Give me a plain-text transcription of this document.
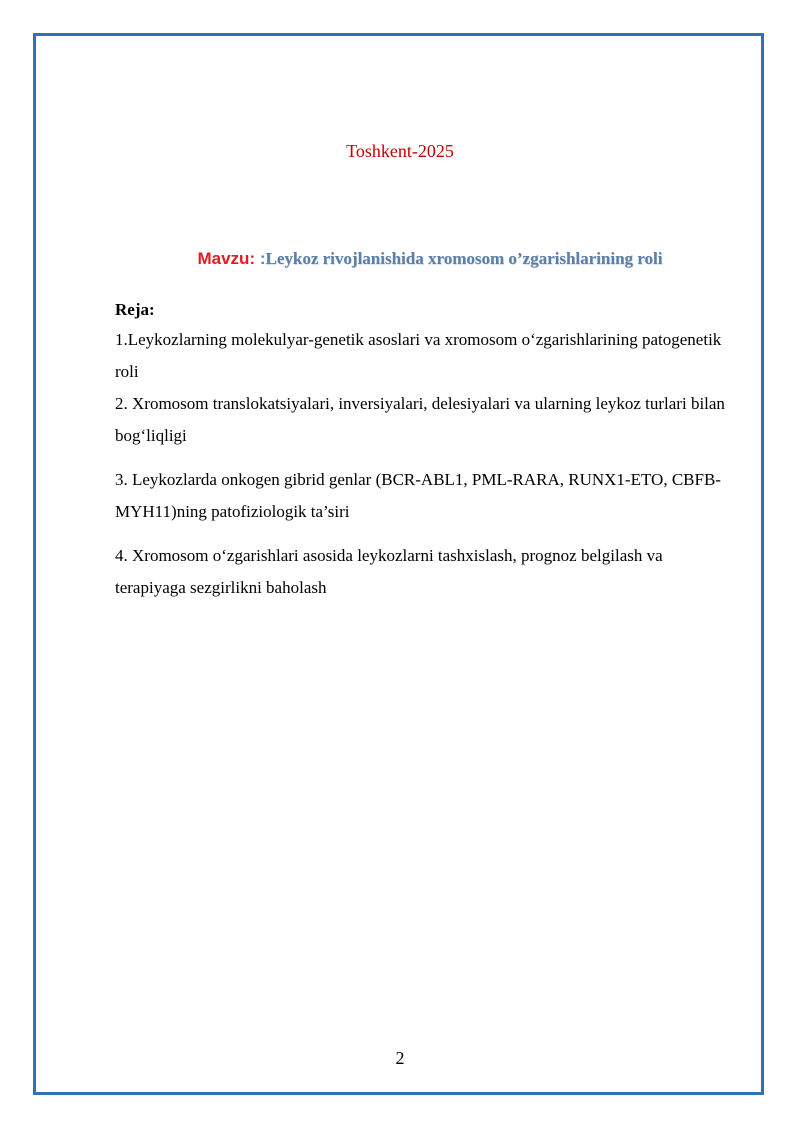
Toshkent-2025
Mavzu: :Leykoz rivojlanishida xromosom o’zgarishlarining roli
Reja:

1.Leykozlarning molekulyar-genetik asoslari va xromosom o‘zgarishlarining patogenetik roli

2. Xromosom translokatsiyalari, inversiyalari, delesiyalari va ularning leykoz turlari bilan bog‘liqligi

3. Leykozlarda onkogen gibrid genlar (BCR-ABL1, PML-RARA, RUNX1-ETO, CBFB-MYH11)ning patofiziologik ta’siri

4. Xromosom o‘zgarishlari asosida leykozlarni tashxislash, prognoz belgilash va terapiyaga sezgirlikni baholash

2
